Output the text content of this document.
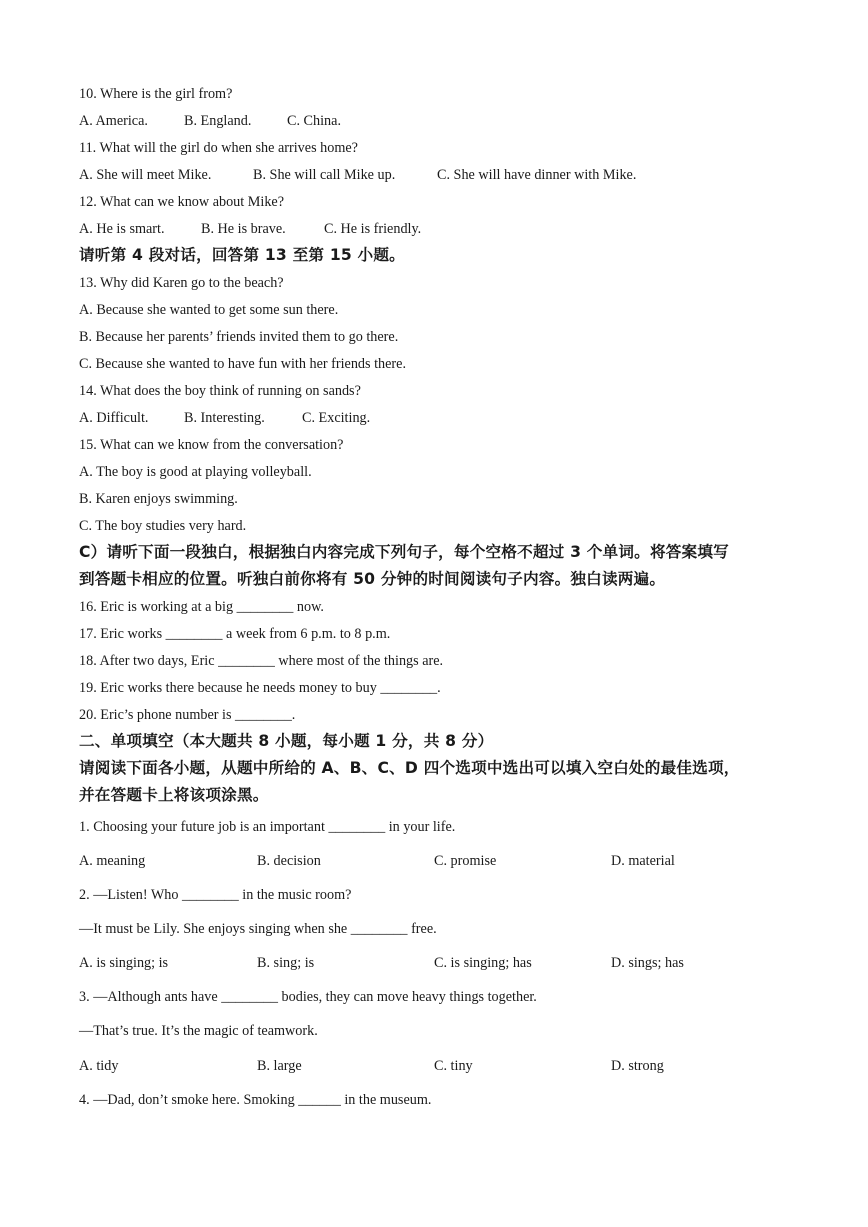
10. Where is the girl from?
A. America.	B. England.	C. China.
11. What will the girl do when she arrives home?
A. She will meet Mike.	B. She will call Mike up.	C. She will have dinner with Mike.
12. What can we know about Mike?
A. He is smart.	B. He is brave.	C. He is friendly.
请听第 4 段对话，回答第 13 至第 15 小题。
13. Why did Karen go to the beach?
A. Because she wanted to get some sun there.
B. Because her parents’ friends invited them to go there.
C. Because she wanted to have fun with her friends there.
14. What does the boy think of running on sands?
A. Difficult.	B. Interesting.	C. Exciting.
15. What can we know from the conversation?
A. The boy is good at playing volleyball.
B. Karen enjoys swimming.
C. The boy studies very hard.
C）请听下面一段独白，根据独白内容完成下列句子，每个空格不超过 3 个单词。将答案填写
到答题卡相应的位置。听独白前你将有 50 分钟的时间阅读句子内容。独白读两遍。
16. Eric is working at a big ________ now.
17. Eric works ________ a week from 6 p.m. to 8 p.m.
18. After two days, Eric ________ where most of the things are.
19. Eric works there because he needs money to buy ________.
20. Eric’s phone number is ________.
二、单项填空（本大题共 8 小题，每小题 1 分，共 8 分）
请阅读下面各小题，从题中所给的 A、B、C、D 四个选项中选出可以填入空白处的最佳选项，
并在答题卡上将该项涂黑。
1. Choosing your future job is an important ________ in your life.
A. meaning	B. decision	C. promise	D. material
2. —Listen! Who ________ in the music room?
—It must be Lily. She enjoys singing when she ________ free.
A. is singing; is	B. sing; is	C. is singing; has	D. sings; has
3. —Although ants have ________ bodies, they can move heavy things together.
—That’s true. It’s the magic of teamwork.
A. tidy	B. large	C. tiny	D. strong
4. —Dad, don’t smoke here. Smoking ______ in the museum.
